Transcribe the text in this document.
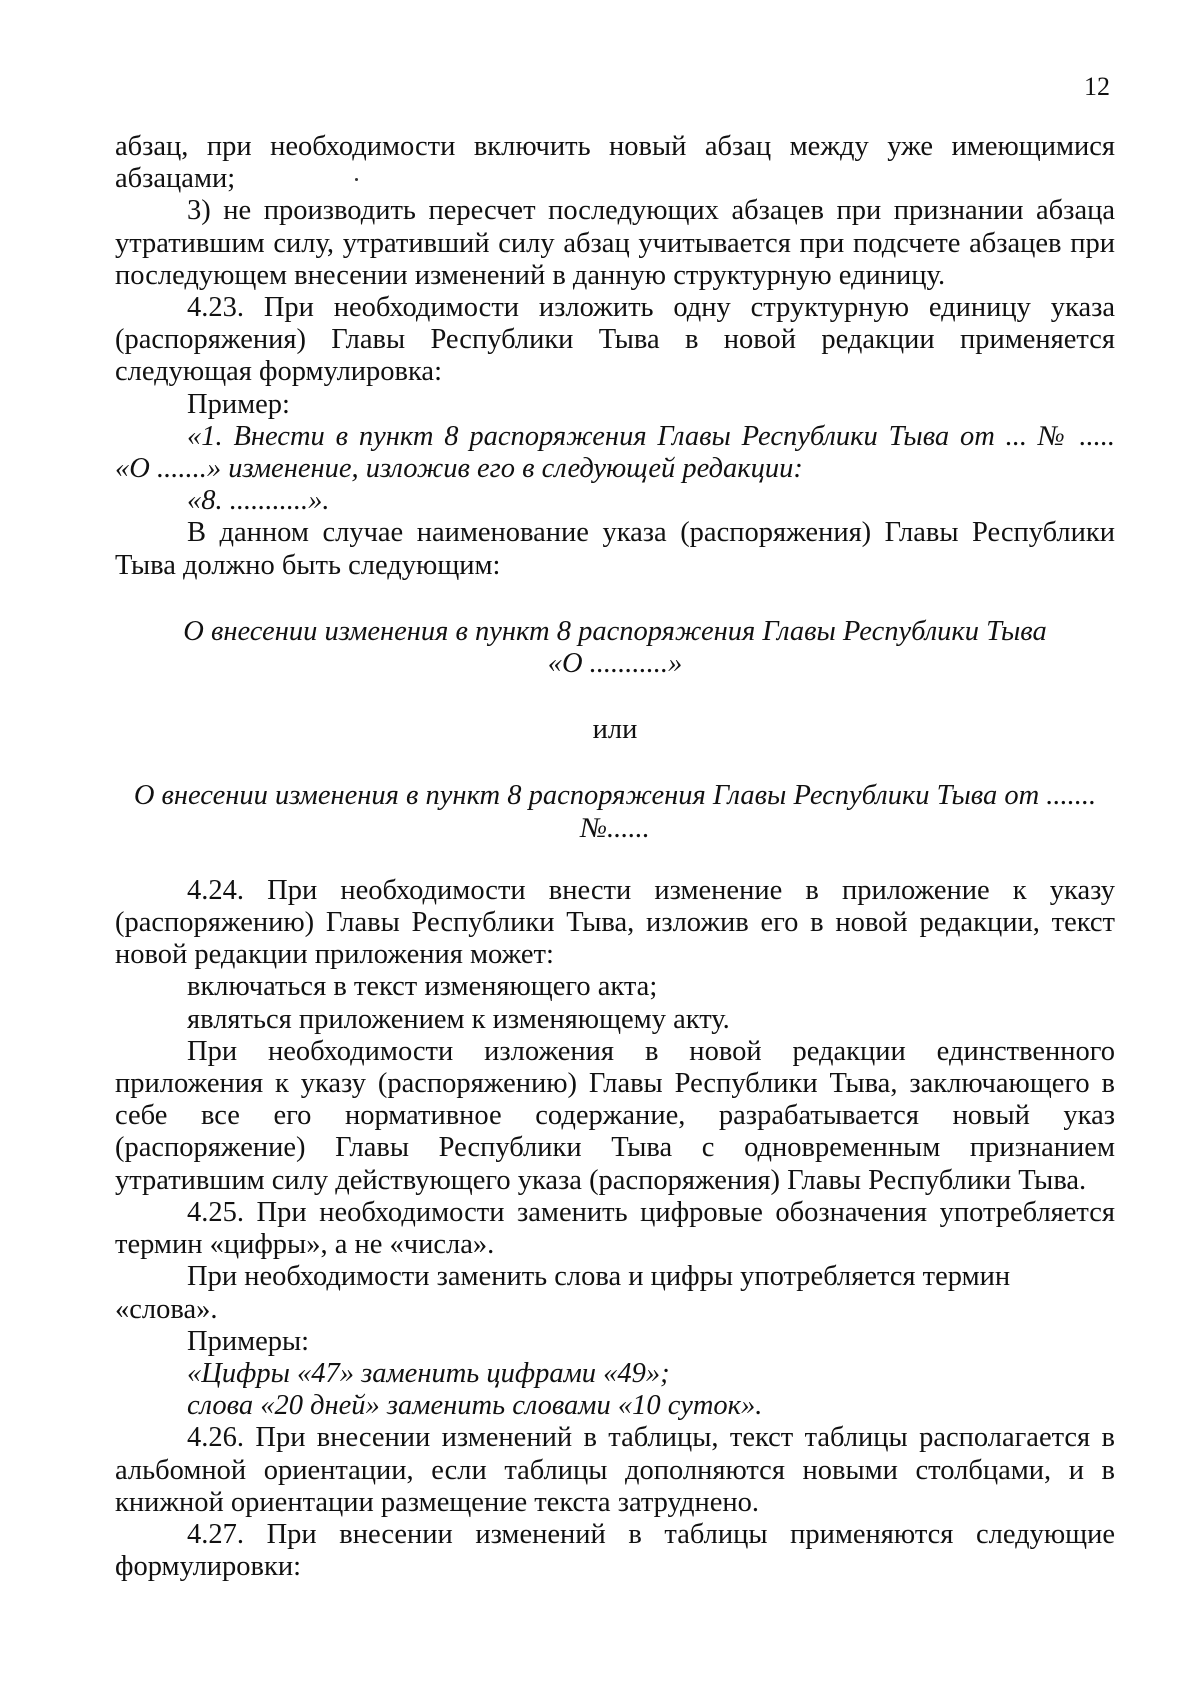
12

абзац, при необходимости включить новый абзац между уже имеющимися

абзацами;

3) не производить пересчет последующих абзацев при признании абзаца утратившим силу, утративший силу абзац учитывается при подсчете абзацев при последующем внесении изменений в данную структурную единицу.

4.23. При необходимости изложить одну структурную единицу указа (распоряжения) Главы Республики Тыва в новой редакции применяется следующая формулировка:

Пример:

«1. Внести в пункт 8 распоряжения Главы Республики Тыва от ... № .....

«О .......» изменение, изложив его в следующей редакции:

«8. ...........».

В данном случае наименование указа (распоряжения) Главы Республики Тыва должно быть следующим:

О внесении изменения в пункт 8 распоряжения Главы Республики Тыва

«О ...........»

или

О внесении изменения в пункт 8 распоряжения Главы Республики Тыва от .......

№......

4.24. При необходимости внести изменение в приложение к указу (распоряжению) Главы Республики Тыва, изложив его в новой редакции, текст новой редакции приложения может:

включаться в текст изменяющего акта;

являться приложением к изменяющему акту.

При необходимости изложения в новой редакции единственного приложения к указу (распоряжению) Главы Республики Тыва, заключающего в себе все его нормативное содержание, разрабатывается новый указ (распоряжение) Главы Республики Тыва с одновременным признанием утратившим силу действующего указа (распоряжения) Главы Республики Тыва.

4.25. При необходимости заменить цифровые обозначения употребляется термин «цифры», а не «числа».

При необходимости заменить слова и цифры употребляется термин «слова».

Примеры:

«Цифры «47» заменить цифрами «49»;

слова «20 дней» заменить словами «10 суток».

4.26. При внесении изменений в таблицы, текст таблицы располагается в альбомной ориентации, если таблицы дополняются новыми столбцами, и в книжной ориентации размещение текста затруднено.

4.27. При внесении изменений в таблицы применяются следующие формулировки:
